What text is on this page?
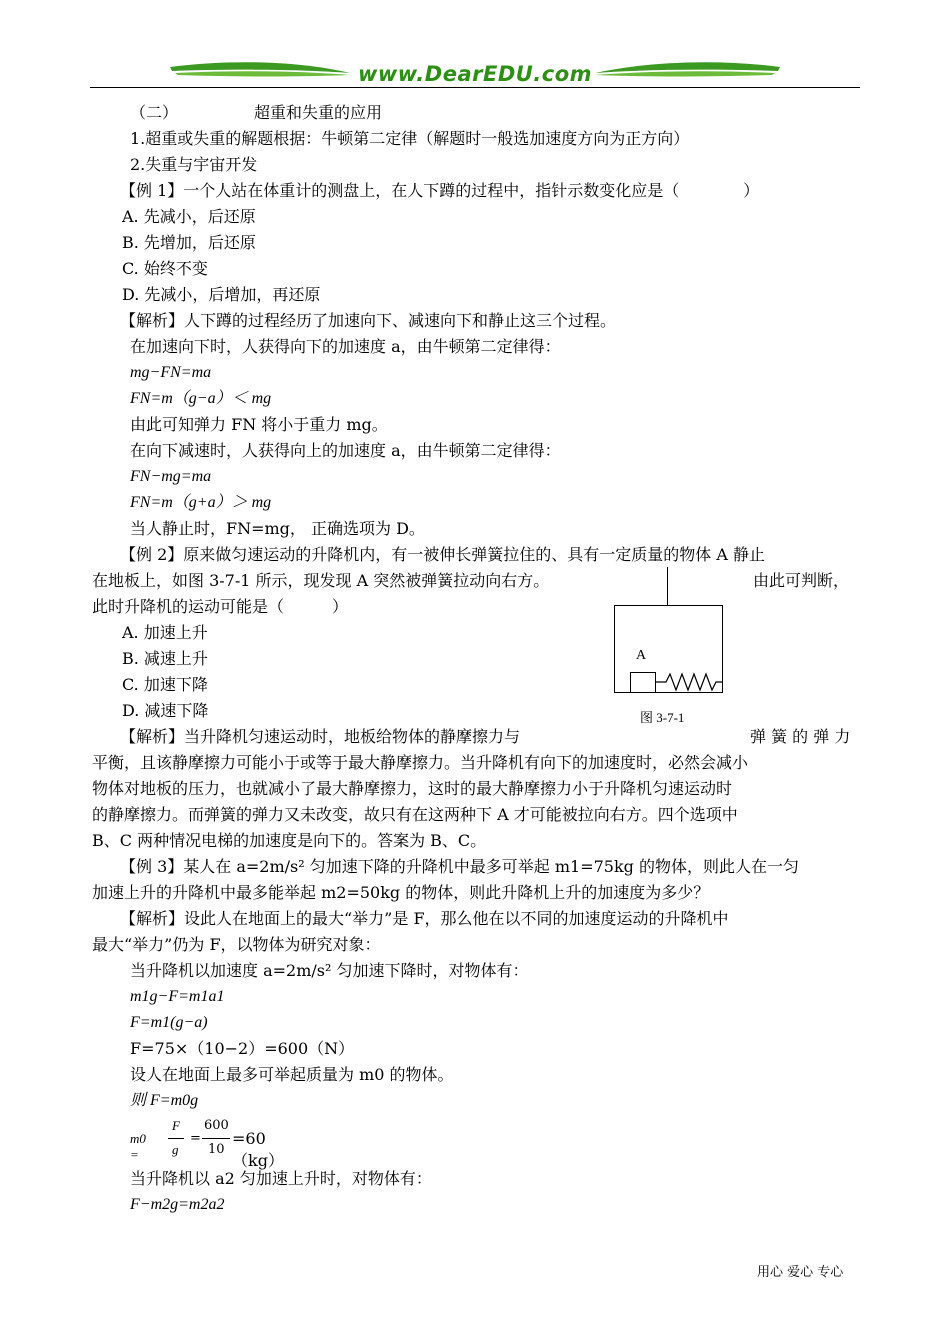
www.DearEDU.com
（二）	超重和失重的应用
1.超重或失重的解题根据：牛顿第二定律（解题时一般选加速度方向为正方向）
2.失重与宇宙开发
【例 1】一个人站在体重计的测盘上，在人下蹲的过程中，指针示数变化应是（　　　　）
A. 先减小，后还原
B. 先增加，后还原
C. 始终不变
D. 先减小，后增加，再还原
【解析】人下蹲的过程经历了加速向下、减速向下和静止这三个过程。
在加速向下时，人获得向下的加速度 a，由牛顿第二定律得：
mg−FN=ma
FN=m（g−a）＜ mg
由此可知弹力 FN 将小于重力 mg。
在向下减速时，人获得向上的加速度 a，由牛顿第二定律得：
FN−mg=ma
FN=m（g+a）＞ mg
当人静止时，FN=mg， 正确选项为 D。
【例 2】原来做匀速运动的升降机内，有一被伸长弹簧拉住的、具有一定质量的物体 A 静止
在地板上，如图 3-7-1 所示，现发现 A 突然被弹簧拉动向右方。	由此可判断，
此时升降机的运动可能是（　　　）
A. 加速上升
B. 减速上升
C. 加速下降
D. 减速下降
A
图 3-7-1
【解析】当升降机匀速运动时，地板给物体的静摩擦力与	弹 簧 的 弹 力
平衡，且该静摩擦力可能小于或等于最大静摩擦力。当升降机有向下的加速度时，必然会减小
物体对地板的压力，也就减小了最大静摩擦力，这时的最大静摩擦力小于升降机匀速运动时
的静摩擦力。而弹簧的弹力又未改变，故只有在这两种下 A 才可能被拉向右方。四个选项中
B、C 两种情况电梯的加速度是向下的。答案为 B、C。
【例 3】某人在 a=2m/s² 匀加速下降的升降机中最多可举起 m1=75kg 的物体，则此人在一匀
加速上升的升降机中最多能举起 m2=50kg 的物体，则此升降机上升的加速度为多少？
【解析】设此人在地面上的最大“举力”是 F，那么他在以不同的加速度运动的升降机中
最大“举力”仍为 F，以物体为研究对象：
当升降机以加速度 a=2m/s² 匀加速下降时，对物体有：
m1g−F=m1a1
F=m1(g−a)
F=75×（10−2）=600（N）
设人在地面上最多可举起质量为 m0 的物体。
则 F=m0g
m0 =
F
g
=
600
10
=60（kg）
当升降机以 a2 匀加速上升时，对物体有：
F−m2g=m2a2
用心 爱心 专心
